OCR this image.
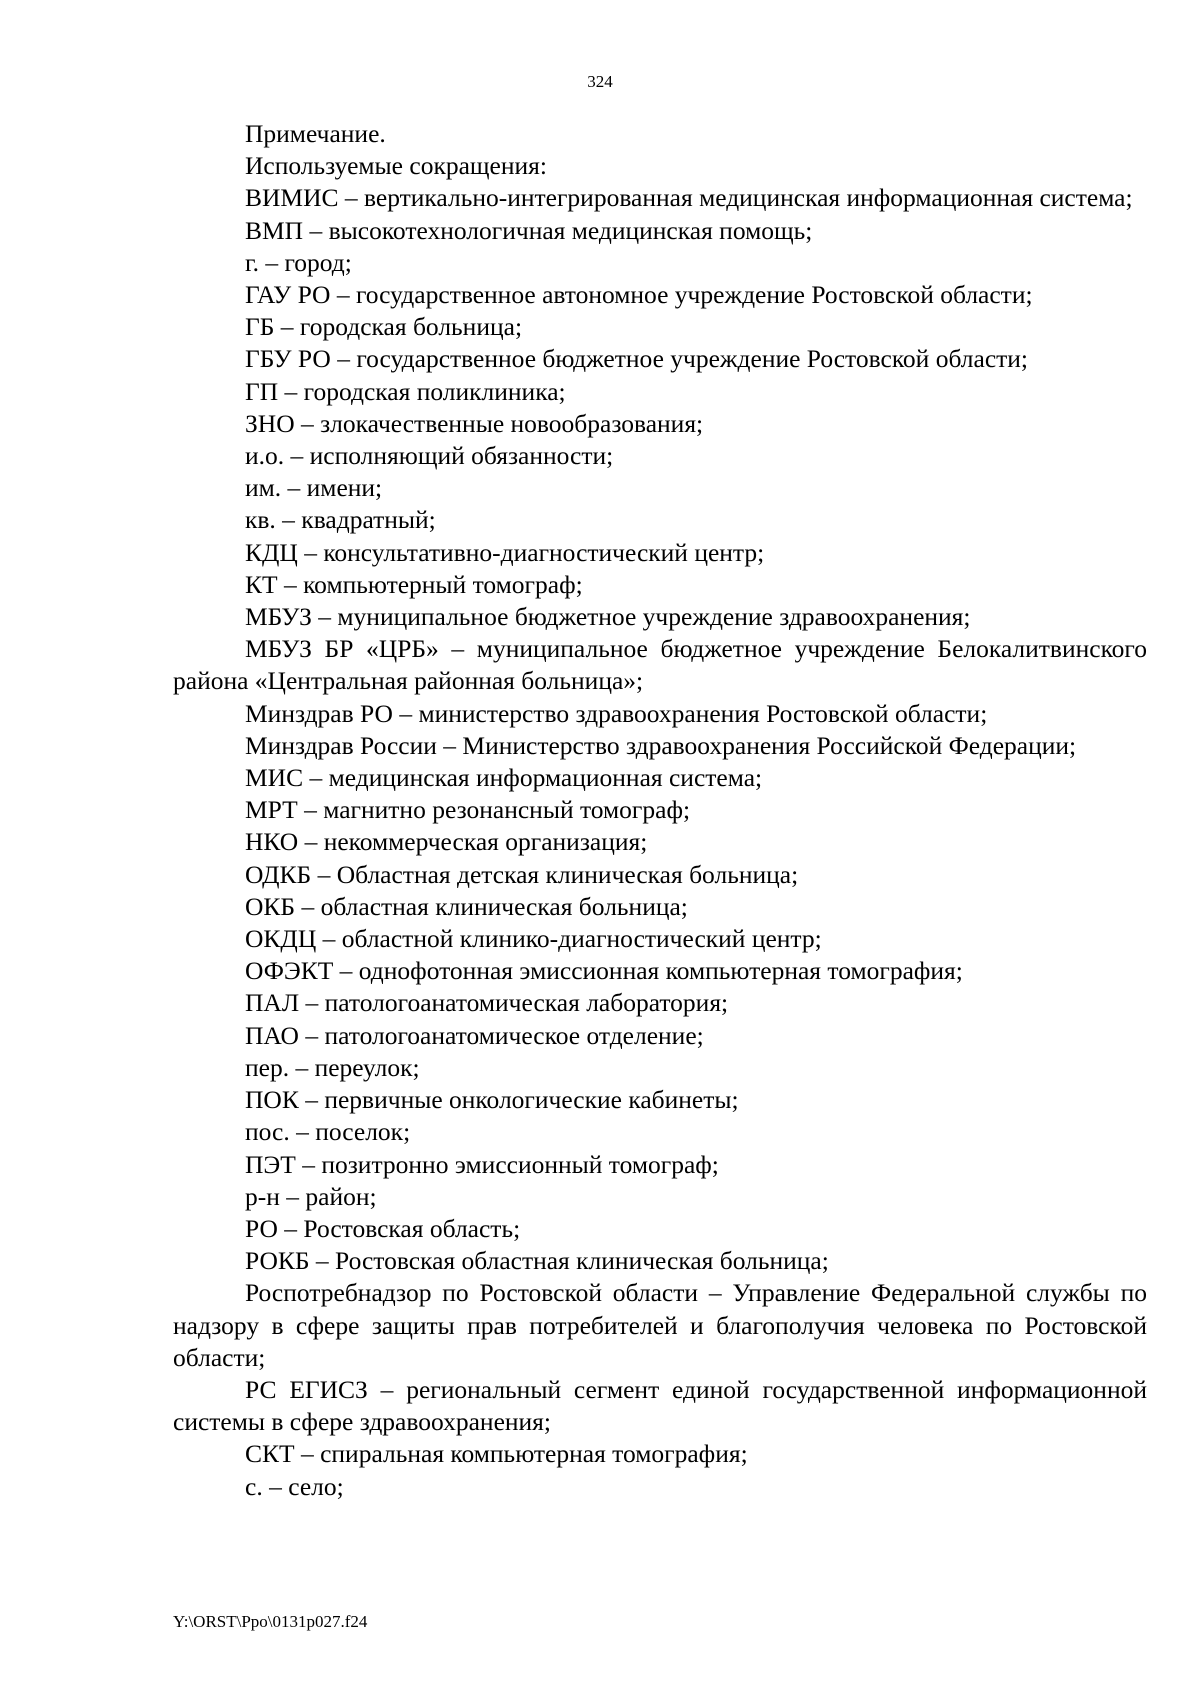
324

Примечание.

Используемые сокращения:

ВИМИС – вертикально-интегрированная медицинская информационная система;

ВМП – высокотехнологичная медицинская помощь;

г. – город;

ГАУ РО – государственное автономное учреждение Ростовской области;

ГБ – городская больница;

ГБУ РО – государственное бюджетное учреждение Ростовской области;

ГП – городская поликлиника;

ЗНО – злокачественные новообразования;

и.о. – исполняющий обязанности;

им. – имени;

кв. – квадратный;

КДЦ – консультативно-диагностический центр;

КТ – компьютерный томограф;

МБУЗ – муниципальное бюджетное учреждение здравоохранения;

МБУЗ БР «ЦРБ» – муниципальное бюджетное учреждение Белокалитвинского района «Центральная районная больница»;

Минздрав РО – министерство здравоохранения Ростовской области;

Минздрав России – Министерство здравоохранения Российской Федерации;

МИС – медицинская информационная система;

МРТ – магнитно резонансный томограф;

НКО – некоммерческая организация;

ОДКБ – Областная детская клиническая больница;

ОКБ – областная клиническая больница;

ОКДЦ – областной клинико-диагностический центр;

ОФЭКТ – однофотонная эмиссионная компьютерная томография;

ПАЛ – патологоанатомическая лаборатория;

ПАО – патологоанатомическое отделение;

пер. – переулок;

ПОК – первичные онкологические кабинеты;

пос. – поселок;

ПЭТ – позитронно эмиссионный томограф;

р-н – район;

РО – Ростовская область;

РОКБ – Ростовская областная клиническая больница;

Роспотребнадзор по Ростовской области – Управление Федеральной службы по надзору в сфере защиты прав потребителей и благополучия человека по Ростовской области;

РС ЕГИСЗ – региональный сегмент единой государственной информационной системы в сфере здравоохранения;

СКТ – спиральная компьютерная томография;

с. – село;

Y:\ORST\Ppo\0131p027.f24
